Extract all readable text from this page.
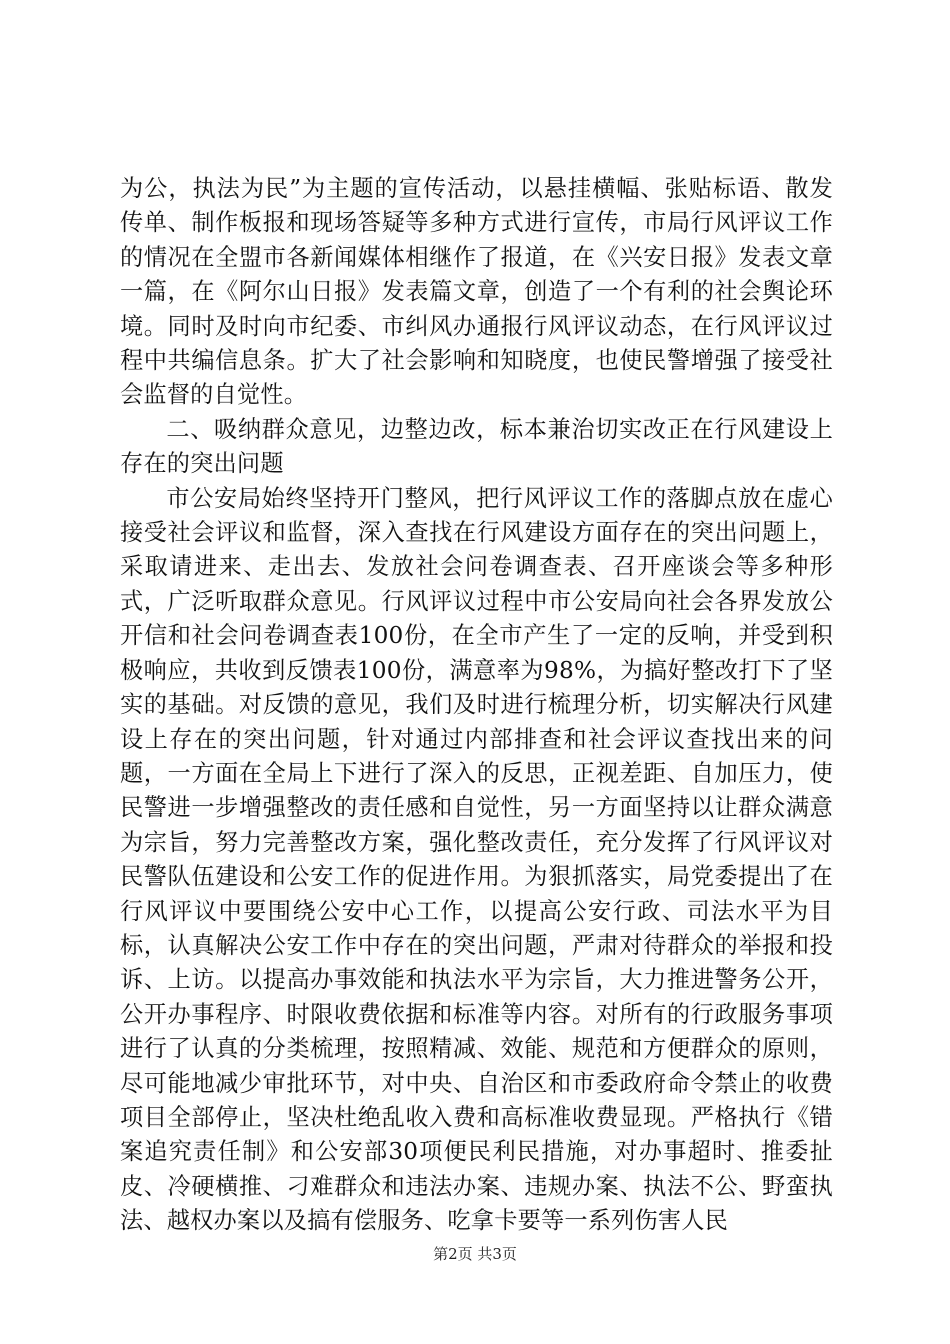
为公，执法为民”为主题的宣传活动，以悬挂横幅、张贴标语、散发传单、制作板报和现场答疑等多种方式进行宣传，市局行风评议工作的情况在全盟市各新闻媒体相继作了报道，在《兴安日报》发表文章一篇，在《阿尔山日报》发表篇文章，创造了一个有利的社会舆论环境。同时及时向市纪委、市纠风办通报行风评议动态，在行风评议过程中共编信息条。扩大了社会影响和知晓度，也使民警增强了接受社会监督的自觉性。

二、吸纳群众意见，边整边改，标本兼治切实改正在行风建设上存在的突出问题

市公安局始终坚持开门整风，把行风评议工作的落脚点放在虚心接受社会评议和监督，深入查找在行风建设方面存在的突出问题上，采取请进来、走出去、发放社会问卷调查表、召开座谈会等多种形式，广泛听取群众意见。行风评议过程中市公安局向社会各界发放公开信和社会问卷调查表100份，在全市产生了一定的反响，并受到积极响应，共收到反馈表100份，满意率为98%，为搞好整改打下了坚实的基础。对反馈的意见，我们及时进行梳理分析，切实解决行风建设上存在的突出问题，针对通过内部排查和社会评议查找出来的问题，一方面在全局上下进行了深入的反思，正视差距、自加压力，使民警进一步增强整改的责任感和自觉性，另一方面坚持以让群众满意为宗旨，努力完善整改方案，强化整改责任，充分发挥了行风评议对民警队伍建设和公安工作的促进作用。为狠抓落实，局党委提出了在行风评议中要围绕公安中心工作，以提高公安行政、司法水平为目标，认真解决公安工作中存在的突出问题，严肃对待群众的举报和投诉、上访。以提高办事效能和执法水平为宗旨，大力推进警务公开，公开办事程序、时限收费依据和标准等内容。对所有的行政服务事项进行了认真的分类梳理，按照精减、效能、规范和方便群众的原则，尽可能地减少审批环节，对中央、自治区和市委政府命令禁止的收费项目全部停止，坚决杜绝乱收入费和高标准收费显现。严格执行《错案追究责任制》和公安部30项便民利民措施，对办事超时、推委扯皮、冷硬横推、刁难群众和违法办案、违规办案、执法不公、野蛮执法、越权办案以及搞有偿服务、吃拿卡要等一系列伤害人民

第2页 共3页
